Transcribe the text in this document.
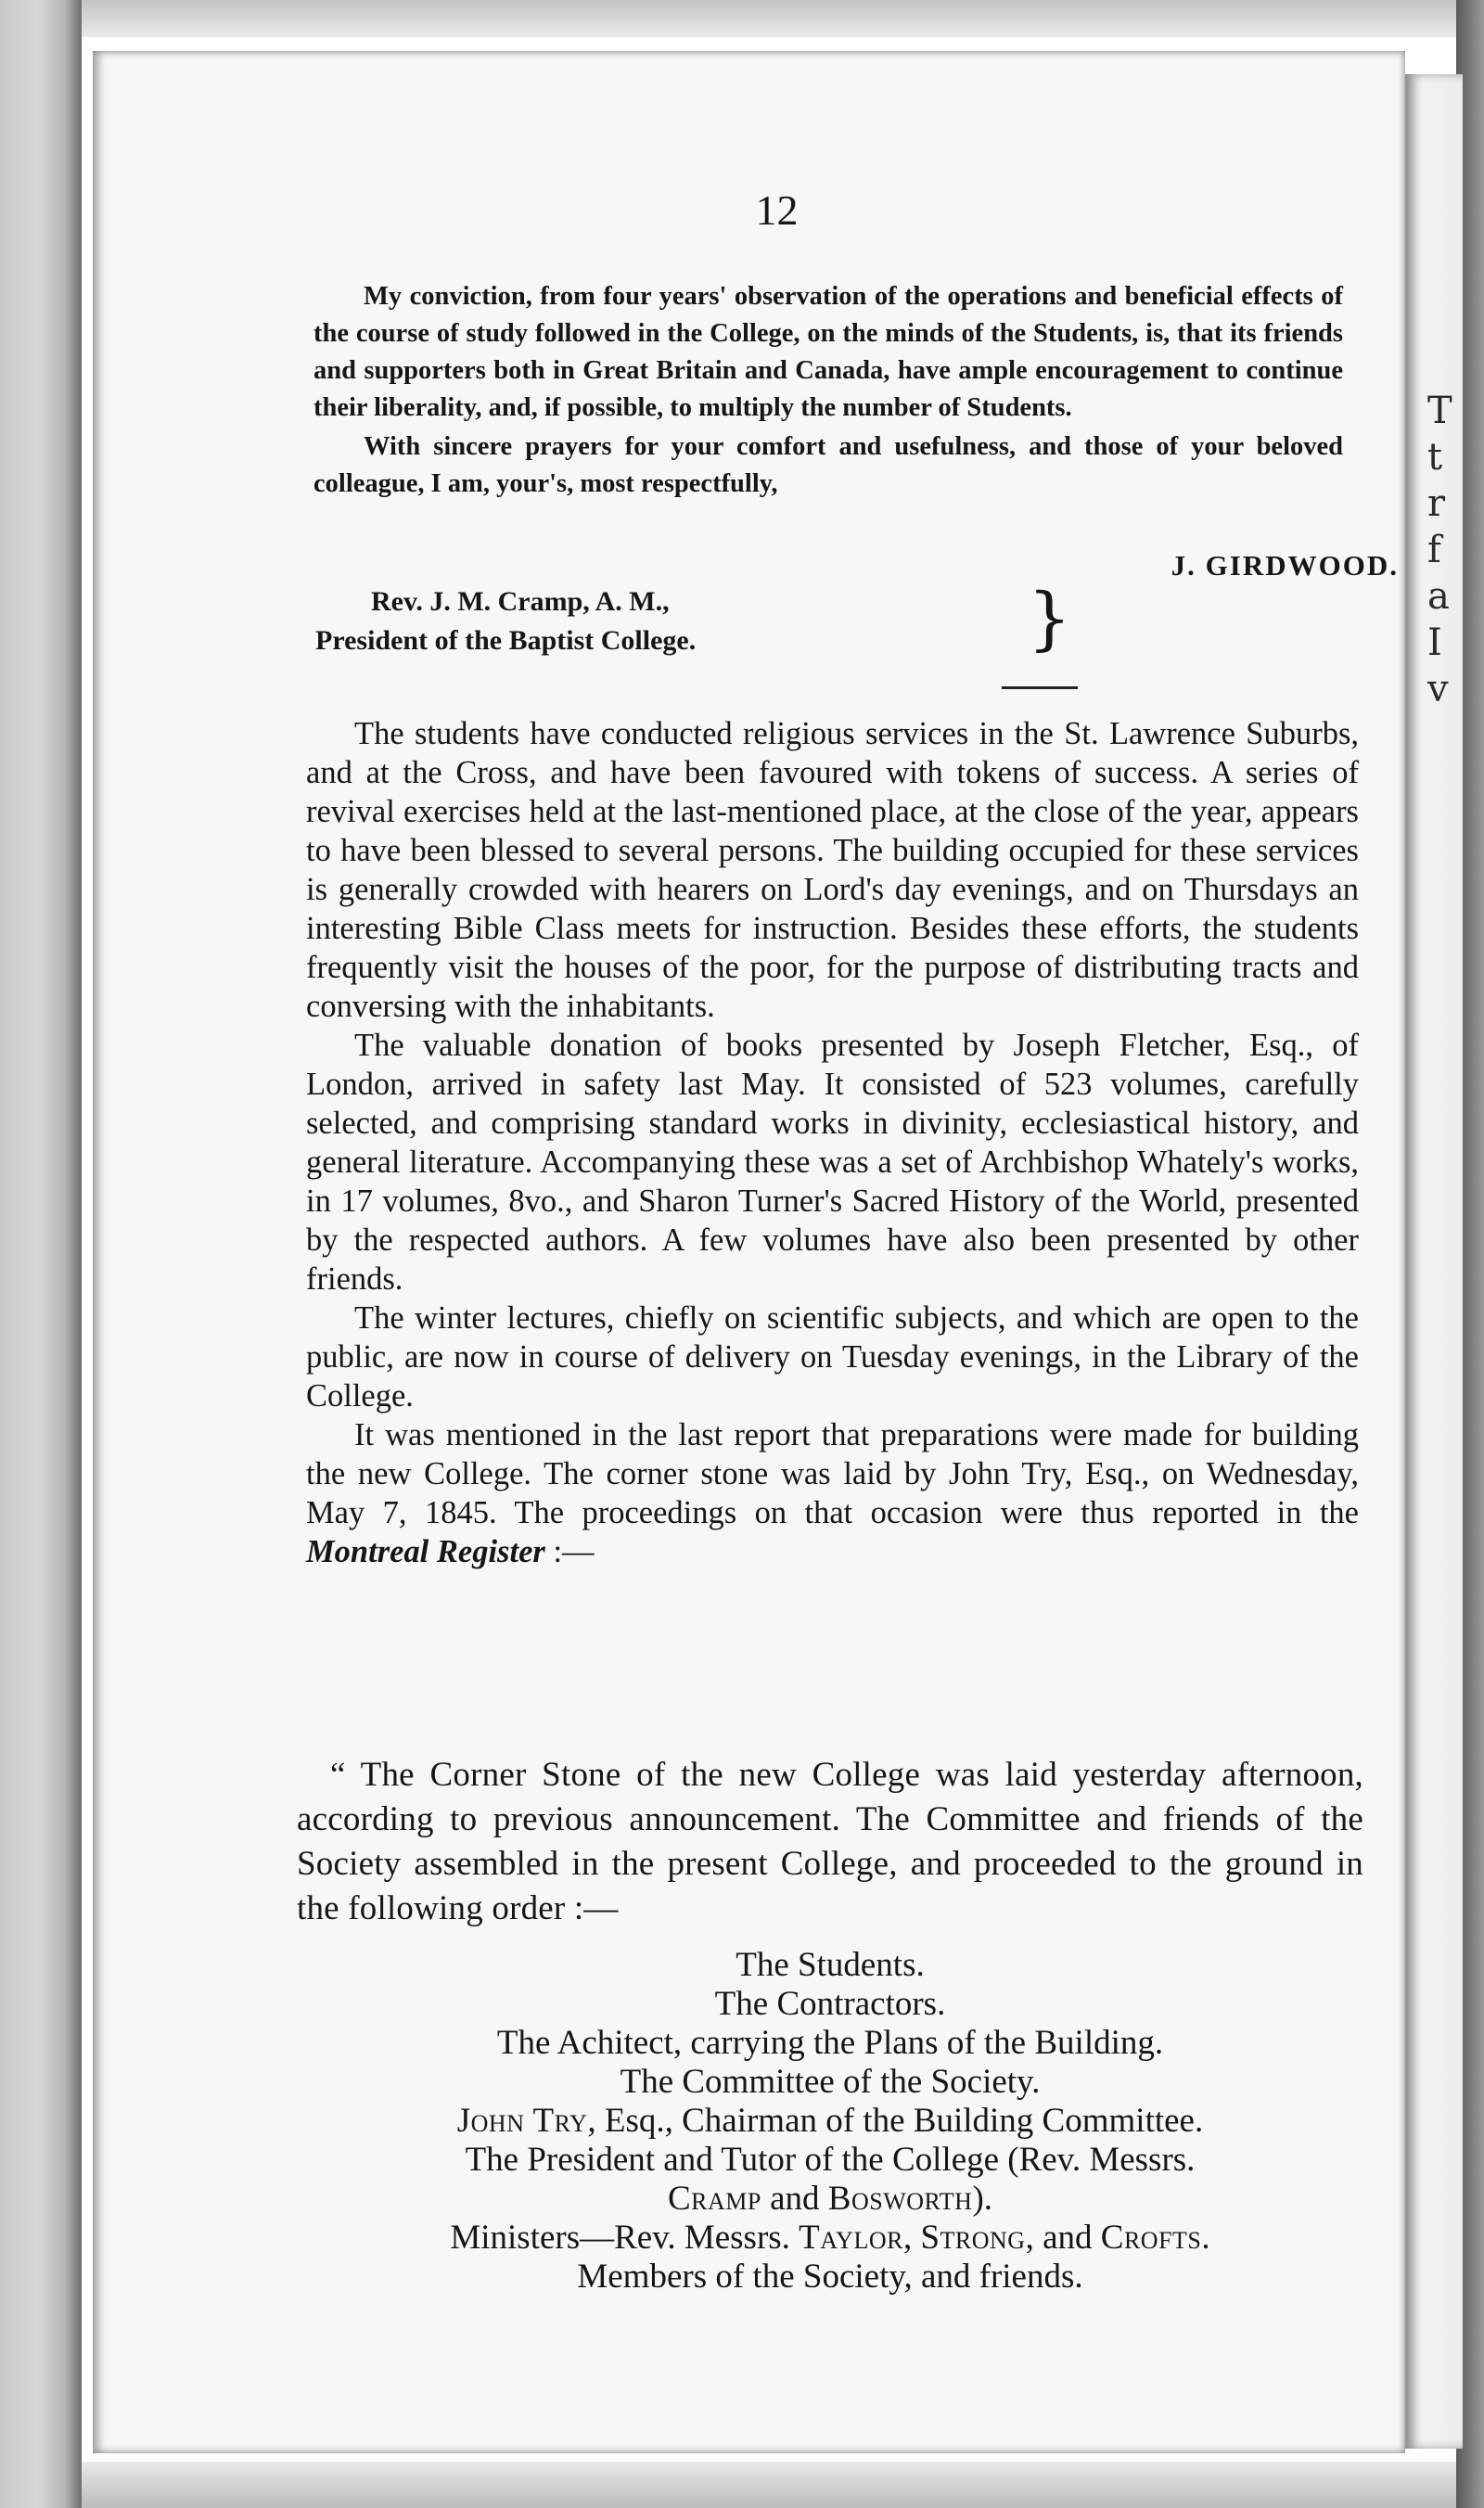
T
t
r
f
a
I
v
12

My conviction, from four years' observation of the operations and beneficial effects of the course of study followed in the College, on the minds of the Students, is, that its friends and supporters both in Great Britain and Canada, have ample encouragement to continue their liberality, and, if possible, to multiply the number of Students.

With sincere prayers for your comfort and usefulness, and those of your beloved colleague, I am, your's, most respectfully,

J. GIRDWOOD.
Rev. J. M. Cramp, A. M.,
President of the Baptist College.	}

The students have conducted religious services in the St. Lawrence Suburbs, and at the Cross, and have been favoured with tokens of success. A series of revival exercises held at the last-mentioned place, at the close of the year, appears to have been blessed to several persons. The building occupied for these services is generally crowded with hearers on Lord's day evenings, and on Thursdays an interesting Bible Class meets for instruction. Besides these efforts, the students frequently visit the houses of the poor, for the purpose of distributing tracts and conversing with the inhabitants.

The valuable donation of books presented by Joseph Fletcher, Esq., of London, arrived in safety last May. It consisted of 523 volumes, carefully selected, and comprising standard works in divinity, ecclesiastical history, and general literature. Accompanying these was a set of Archbishop Whately's works, in 17 volumes, 8vo., and Sharon Turner's Sacred History of the World, presented by the respected authors. A few volumes have also been presented by other friends.

The winter lectures, chiefly on scientific subjects, and which are open to the public, are now in course of delivery on Tuesday evenings, in the Library of the College.

It was mentioned in the last report that preparations were made for building the new College. The corner stone was laid by John Try, Esq., on Wednesday, May 7, 1845. The proceedings on that occasion were thus reported in the Montreal Register :—

“ The Corner Stone of the new College was laid yesterday afternoon, according to previous announcement. The Committee and friends of the Society assembled in the present College, and proceeded to the ground in the following order :—

The Students.
The Contractors.
The Achitect, carrying the Plans of the Building.
The Committee of the Society.
John Try, Esq., Chairman of the Building Committee.
The President and Tutor of the College (Rev. Messrs.
Cramp and Bosworth).
Ministers—Rev. Messrs. Taylor, Strong, and Crofts.
Members of the Society, and friends.
